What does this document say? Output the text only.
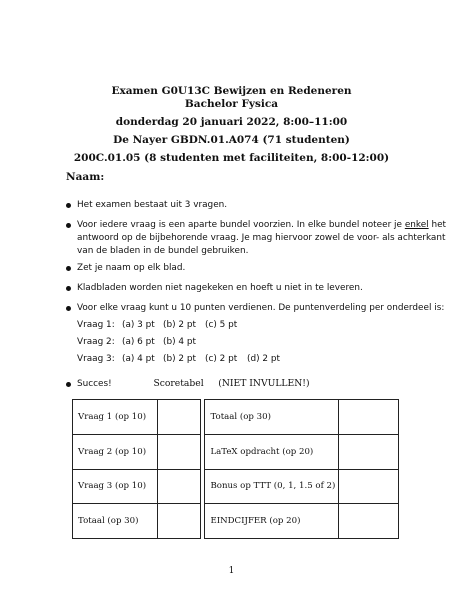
Examen G0U13C Bewijzen en Redeneren
Bachelor Fysica
donderdag 20 januari 2022, 8:00–11:00
De Nayer GBDN.01.A074 (71 studenten)
200C.01.05 (8 studenten met faciliteiten, 8:00-12:00)
Naam:
Het examen bestaat uit 3 vragen.
Voor iedere vraag is een aparte bundel voorzien. In elke bundel noteer je enkel het
antwoord op de bijbehorende vraag. Je mag hiervoor zowel de voor- als achterkant
van de bladen in de bundel gebruiken.
Zet je naam op elk blad.
Kladbladen worden niet nagekeken en hoeft u niet in te leveren.
Voor elke vraag kunt u 10 punten verdienen. De puntenverdeling per onderdeel is:
Vraag 1: (a) 3 pt (b) 2 pt (c) 5 pt
Vraag 2: (a) 6 pt (b) 4 pt
Vraag 3: (a) 4 pt (b) 2 pt (c) 2 pt (d) 2 pt
Succes!	Scoretabel     (NIET INVULLEN!)
Vraag 1 (op 10)			Totaal (op 30)	
Vraag 2 (op 10)			LaTeX opdracht (op 20)	
Vraag 3 (op 10)			Bonus op TTT (0, 1, 1.5 of 2)	
Totaal (op 30)			EINDCIJFER (op 20)	
1
